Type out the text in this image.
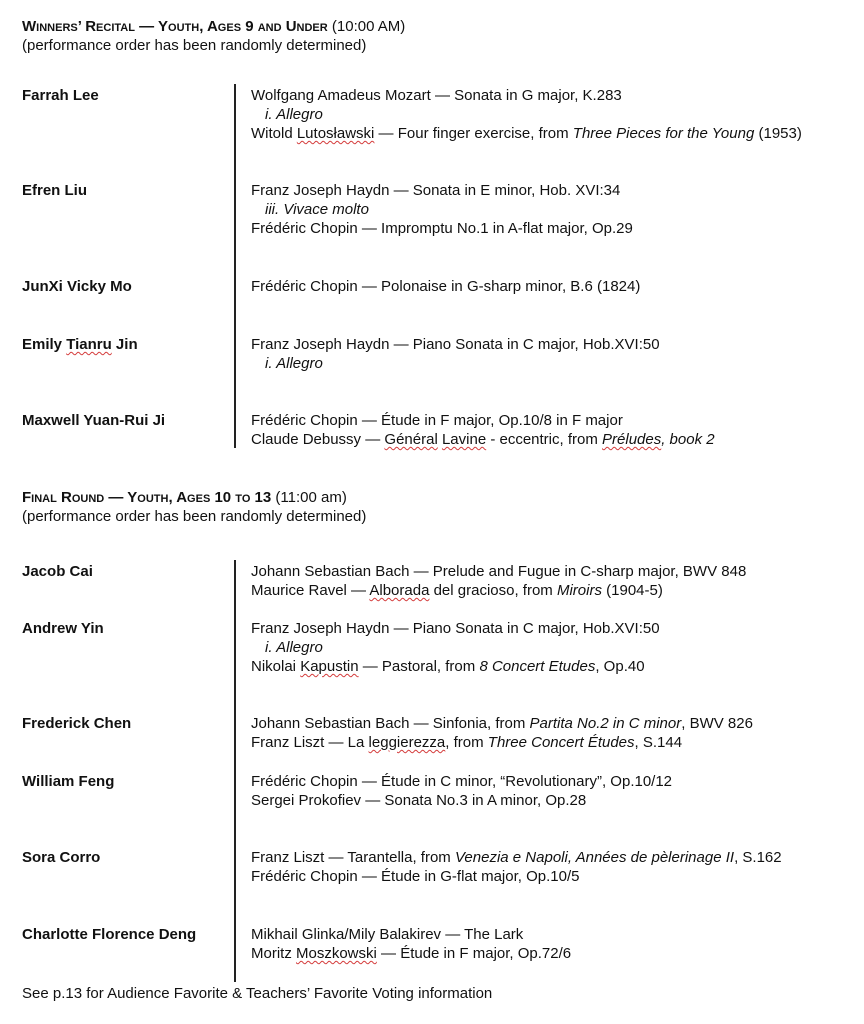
Winners’ Recital — Youth, Ages 9 and Under (10:00 AM)
(performance order has been randomly determined)
Final Round — Youth, Ages 10 to 13 (11:00 am)
(performance order has been randomly determined)
Farrah Lee	Wolfgang Amadeus Mozart — Sonata in G major, K.283
i. Allegro
Witold Lutosławski — Four finger exercise, from Three Pieces for the Young (1953)
Efren Liu	Franz Joseph Haydn — Sonata in E minor, Hob. XVI:34
iii. Vivace molto
Frédéric Chopin — Impromptu No.1 in A-flat major, Op.29
JunXi Vicky Mo	Frédéric Chopin — Polonaise in G-sharp minor, B.6 (1824)
Emily Tianru Jin	Franz Joseph Haydn — Piano Sonata in C major, Hob.XVI:50
i. Allegro
Maxwell Yuan-Rui Ji	Frédéric Chopin — Étude in F major, Op.10/8 in F major
Claude Debussy — Général Lavine - eccentric, from Préludes, book 2
Jacob Cai	Johann Sebastian Bach — Prelude and Fugue in C-sharp major, BWV 848
Maurice Ravel — Alborada del gracioso, from Miroirs (1904-5)
Andrew Yin	Franz Joseph Haydn — Piano Sonata in C major, Hob.XVI:50
i. Allegro
Nikolai Kapustin — Pastoral, from 8 Concert Etudes, Op.40
Frederick Chen	Johann Sebastian Bach — Sinfonia, from Partita No.2 in C minor, BWV 826
Franz Liszt — La leggierezza, from Three Concert Études, S.144
William Feng	Frédéric Chopin — Étude in C minor, “Revolutionary”, Op.10/12
Sergei Prokofiev — Sonata No.3 in A minor, Op.28
Sora Corro	Franz Liszt — Tarantella, from Venezia e Napoli, Années de pèlerinage II, S.162
Frédéric Chopin — Étude in G-flat major, Op.10/5
Charlotte Florence Deng	Mikhail Glinka/Mily Balakirev — The Lark
Moritz Moszkowski — Étude in F major, Op.72/6
See p.13 for Audience Favorite & Teachers’ Favorite Voting information
